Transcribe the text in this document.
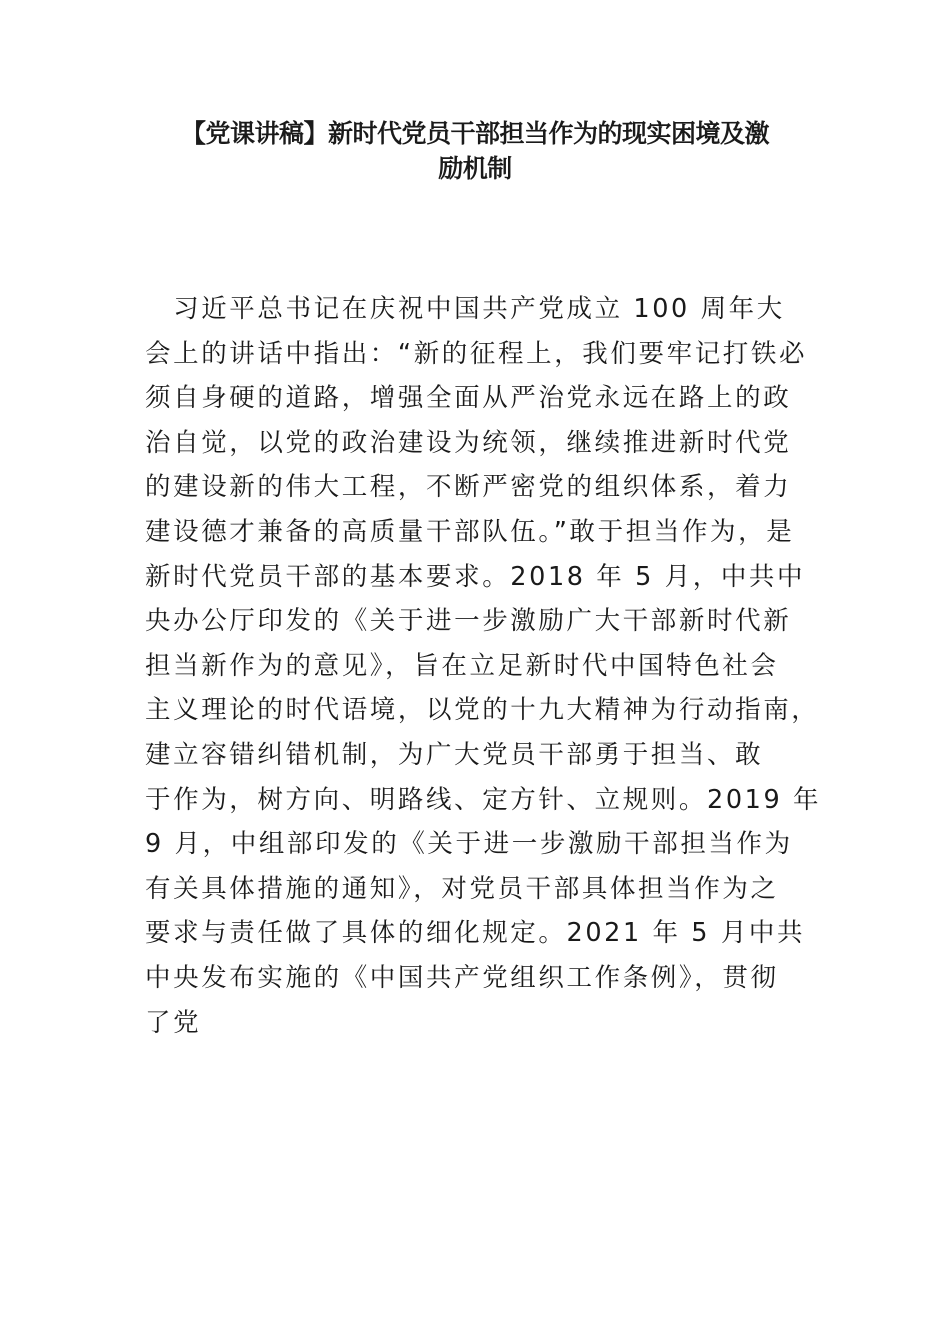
【党课讲稿】新时代党员干部担当作为的现实困境及激
励机制
　习近平总书记在庆祝中国共产党成立 100 周年大
会上的讲话中指出：“新的征程上，我们要牢记打铁必
须自身硬的道路，增强全面从严治党永远在路上的政
治自觉，以党的政治建设为统领，继续推进新时代党
的建设新的伟大工程，不断严密党的组织体系，着力
建设德才兼备的高质量干部队伍。”敢于担当作为，是
新时代党员干部的基本要求。2018 年 5 月，中共中
央办公厅印发的《关于进一步激励广大干部新时代新
担当新作为的意见》，旨在立足新时代中国特色社会
主义理论的时代语境，以党的十九大精神为行动指南，
建立容错纠错机制，为广大党员干部勇于担当、敢
于作为，树方向、明路线、定方针、立规则。2019 年
9 月，中组部印发的《关于进一步激励干部担当作为
有关具体措施的通知》，对党员干部具体担当作为之
要求与责任做了具体的细化规定。2021 年 5 月中共
中央发布实施的《中国共产党组织工作条例》，贯彻
了党
